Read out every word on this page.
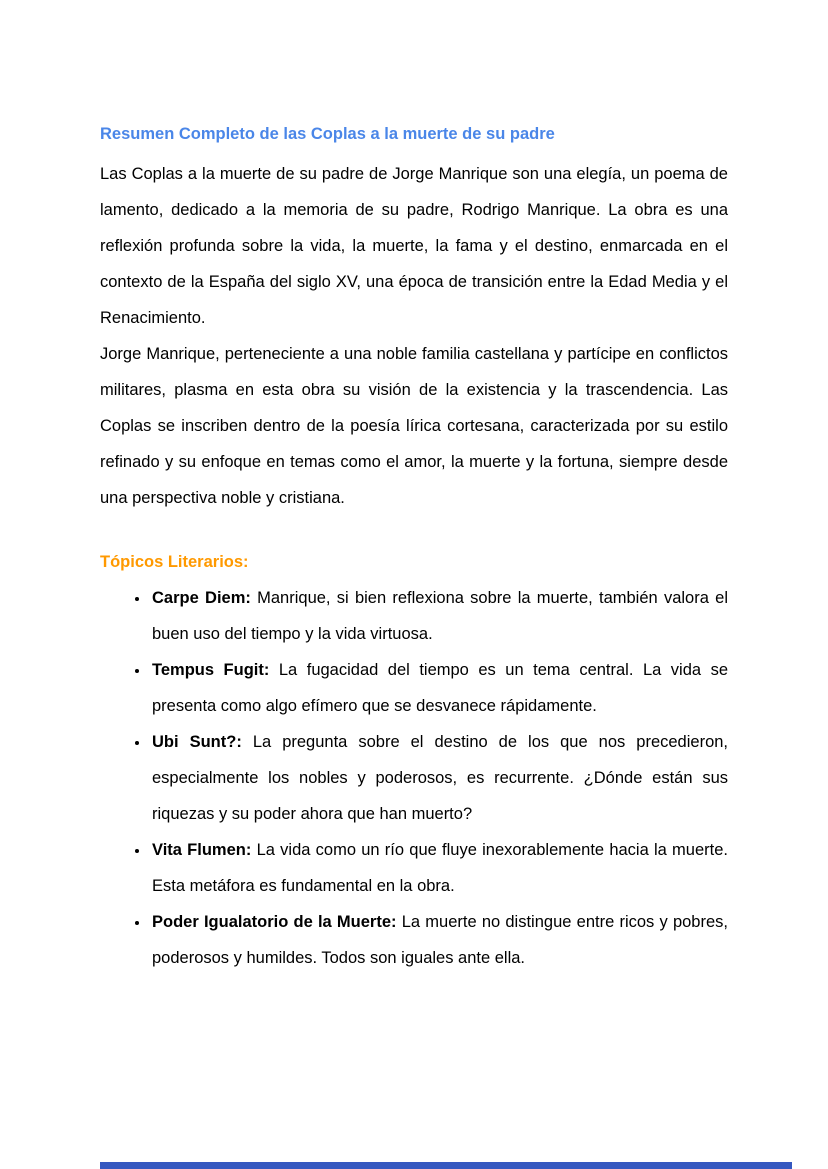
Resumen Completo de las Coplas a la muerte de su padre

Las Coplas a la muerte de su padre de Jorge Manrique son una elegía, un poema de lamento, dedicado a la memoria de su padre, Rodrigo Manrique. La obra es una reflexión profunda sobre la vida, la muerte, la fama y el destino, enmarcada en el contexto de la España del siglo XV, una época de transición entre la Edad Media y el Renacimiento.

Jorge Manrique, perteneciente a una noble familia castellana y partícipe en conflictos militares, plasma en esta obra su visión de la existencia y la trascendencia. Las Coplas se inscriben dentro de la poesía lírica cortesana, caracterizada por su estilo refinado y su enfoque en temas como el amor, la muerte y la fortuna, siempre desde una perspectiva noble y cristiana.

Tópicos Literarios:
• Carpe Diem: Manrique, si bien reflexiona sobre la muerte, también valora el buen uso del tiempo y la vida virtuosa.
• Tempus Fugit: La fugacidad del tiempo es un tema central. La vida se presenta como algo efímero que se desvanece rápidamente.
• Ubi Sunt?: La pregunta sobre el destino de los que nos precedieron, especialmente los nobles y poderosos, es recurrente. ¿Dónde están sus riquezas y su poder ahora que han muerto?
• Vita Flumen: La vida como un río que fluye inexorablemente hacia la muerte. Esta metáfora es fundamental en la obra.
• Poder Igualatorio de la Muerte: La muerte no distingue entre ricos y pobres, poderosos y humildes. Todos son iguales ante ella.
